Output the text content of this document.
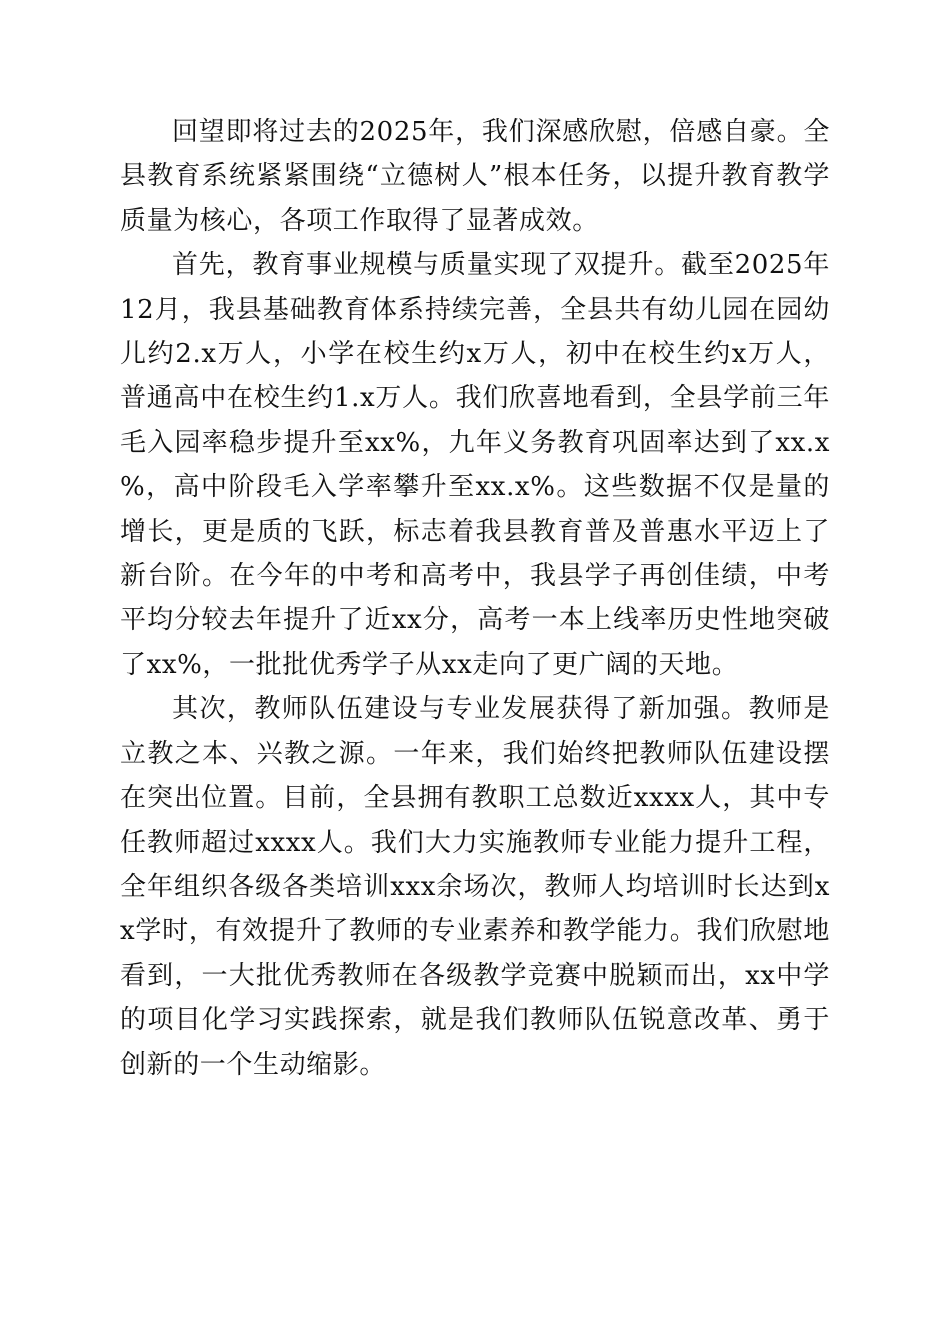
回望即将过去的2025年，我们深感欣慰，倍感自豪。全县教育系统紧紧围绕“立德树人”根本任务，以提升教育教学质量为核心，各项工作取得了显著成效。

首先，教育事业规模与质量实现了双提升。截至2025年12月，我县基础教育体系持续完善，全县共有幼儿园在园幼儿约2.x万人，小学在校生约x万人，初中在校生约x万人，普通高中在校生约1.x万人。我们欣喜地看到，全县学前三年毛入园率稳步提升至xx%，九年义务教育巩固率达到了xx.x%，高中阶段毛入学率攀升至xx.x%。这些数据不仅是量的增长，更是质的飞跃，标志着我县教育普及普惠水平迈上了新台阶。在今年的中考和高考中，我县学子再创佳绩，中考平均分较去年提升了近xx分，高考一本上线率历史性地突破了xx%，一批批优秀学子从xx走向了更广阔的天地。

其次，教师队伍建设与专业发展获得了新加强。教师是立教之本、兴教之源。一年来，我们始终把教师队伍建设摆在突出位置。目前，全县拥有教职工总数近xxxx人，其中专任教师超过xxxx人。我们大力实施教师专业能力提升工程，全年组织各级各类培训xxx余场次，教师人均培训时长达到xx学时，有效提升了教师的专业素养和教学能力。我们欣慰地看到，一大批优秀教师在各级教学竞赛中脱颖而出，xx中学的项目化学习实践探索，就是我们教师队伍锐意改革、勇于创新的一个生动缩影。
